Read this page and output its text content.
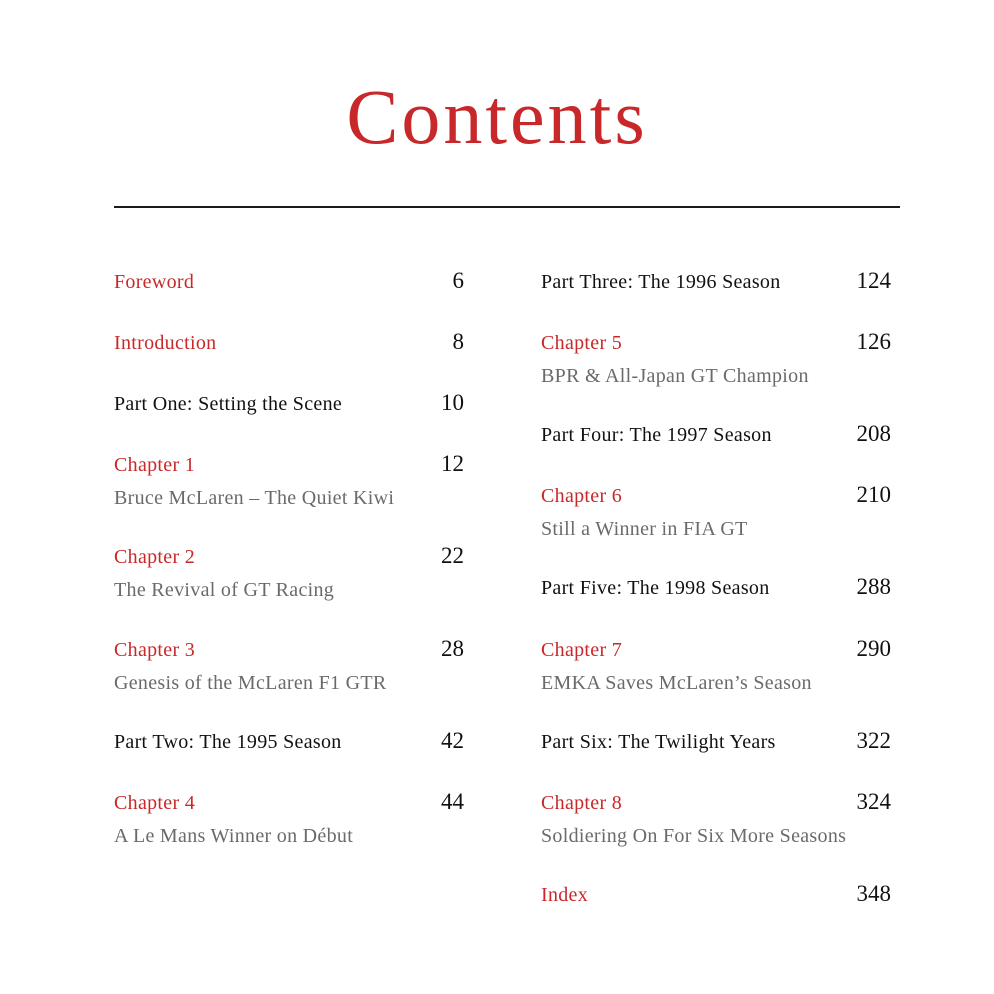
Contents
Foreword	6
Introduction	8
Part One: Setting the Scene	10
Chapter 1	12
Bruce McLaren – The Quiet Kiwi
Chapter 2	22
The Revival of GT Racing
Chapter 3	28
Genesis of the McLaren F1 GTR
Part Two: The 1995 Season	42
Chapter 4	44
A Le Mans Winner on Début
Part Three: The 1996 Season	124
Chapter 5	126
BPR & All-Japan GT Champion
Part Four: The 1997 Season	208
Chapter 6	210
Still a Winner in FIA GT
Part Five: The 1998 Season	288
Chapter 7	290
EMKA Saves McLaren’s Season
Part Six: The Twilight Years	322
Chapter 8	324
Soldiering On For Six More Seasons
Index	348
